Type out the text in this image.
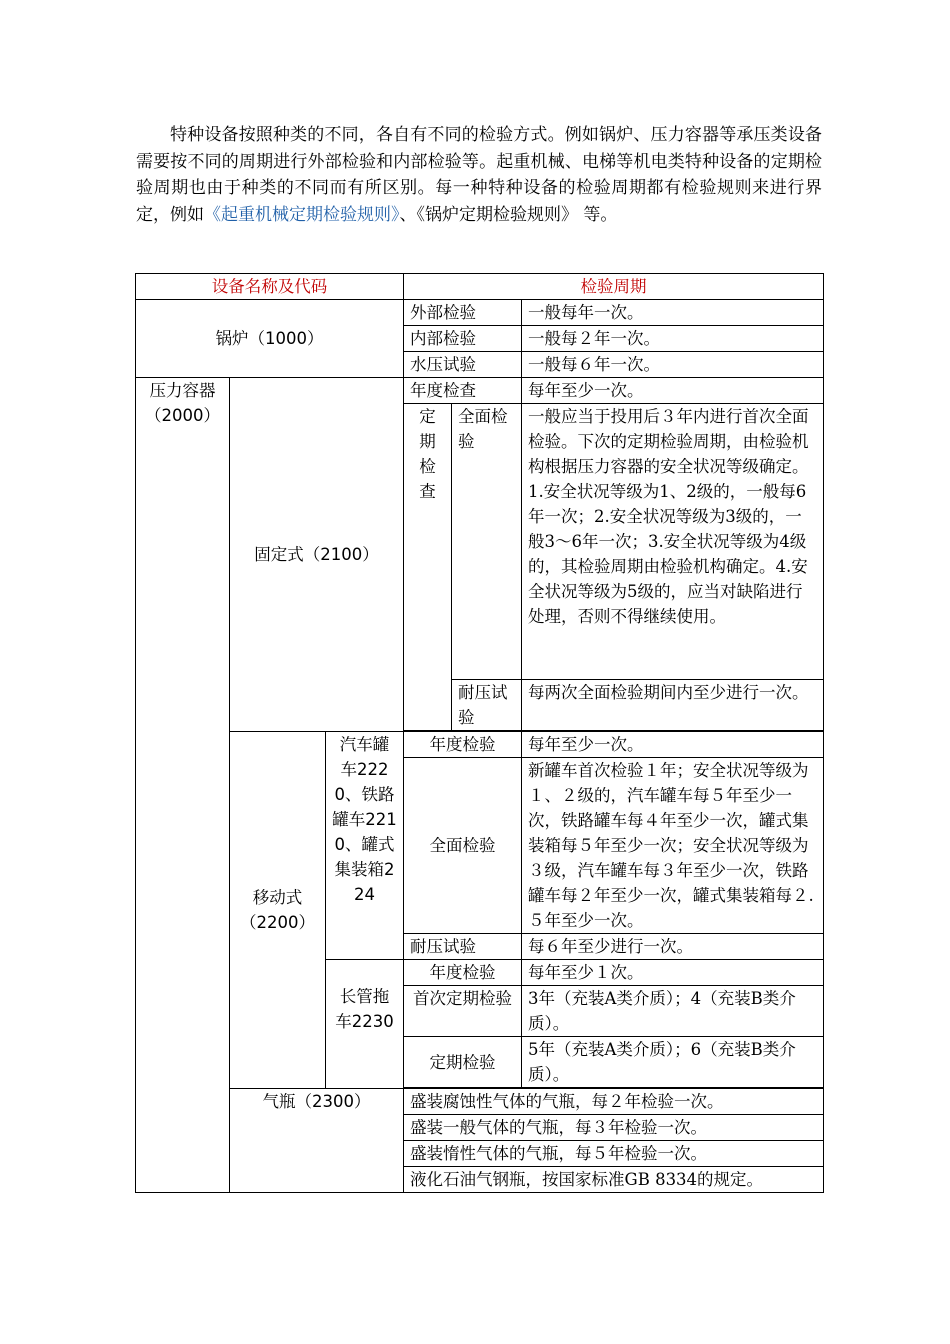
特种设备按照种类的不同，各自有不同的检验方式。例如锅炉、压力容器等承压类设备需要按不同的周期进行外部检验和内部检验等。起重机械、电梯等机电类特种设备的定期检验周期也由于种类的不同而有所区别。每一种特种设备的检验周期都有检验规则来进行界定，例如《起重机械定期检验规则》、《锅炉定期检验规则》 等。

设备名称及代码			检验周期		
锅炉（1000）			外部检验		一般每年一次。
			内部检验		一般每２年一次。
			水压试验		一般每６年一次。
压力容器（2000）	固定式（2100）		年度检查		每年至少一次。

			定期检查	全面检验	一般应当于投用后３年内进行首次全面检验。下次的定期检验周期，由检验机构根据压力容器的安全状况等级确定。1.安全状况等级为1、2级的，一般每6年一次；2.安全状况等级为3级的，一般3～6年一次；3.安全状况等级为4级的，其检验周期由检验机构确定。4.安全状况等级为5级的，应当对缺陷进行处理，否则不得继续使用。
				耐压试验	每两次全面检验期间内至少进行一次。

	移动式（2200）	汽车罐车2220、铁路罐车2210、罐式集装箱224	年度检验		每年至少一次。
			全面检验		新罐车首次检验１年；安全状况等级为１、２级的，汽车罐车每５年至少一次，铁路罐车每４年至少一次，罐式集装箱每５年至少一次；安全状况等级为３级，汽车罐车每３年至少一次，铁路罐车每２年至少一次，罐式集装箱每２.５年至少一次。
			耐压试验		每６年至少进行一次。

		长管拖车2230	年度检验		每年至少１次。
			首次定期检验		3年（充装A类介质）；4（充装B类介质）。
			定期检验		5年（充装A类介质）；6（充装B类介质）。

	气瓶（2300）		盛装腐蚀性气体的气瓶，每２年检验一次。		
			盛装一般气体的气瓶，每３年检验一次。		
			盛装惰性气体的气瓶，每５年检验一次。		
			液化石油气钢瓶，按国家标准GB 8334的规定。		
